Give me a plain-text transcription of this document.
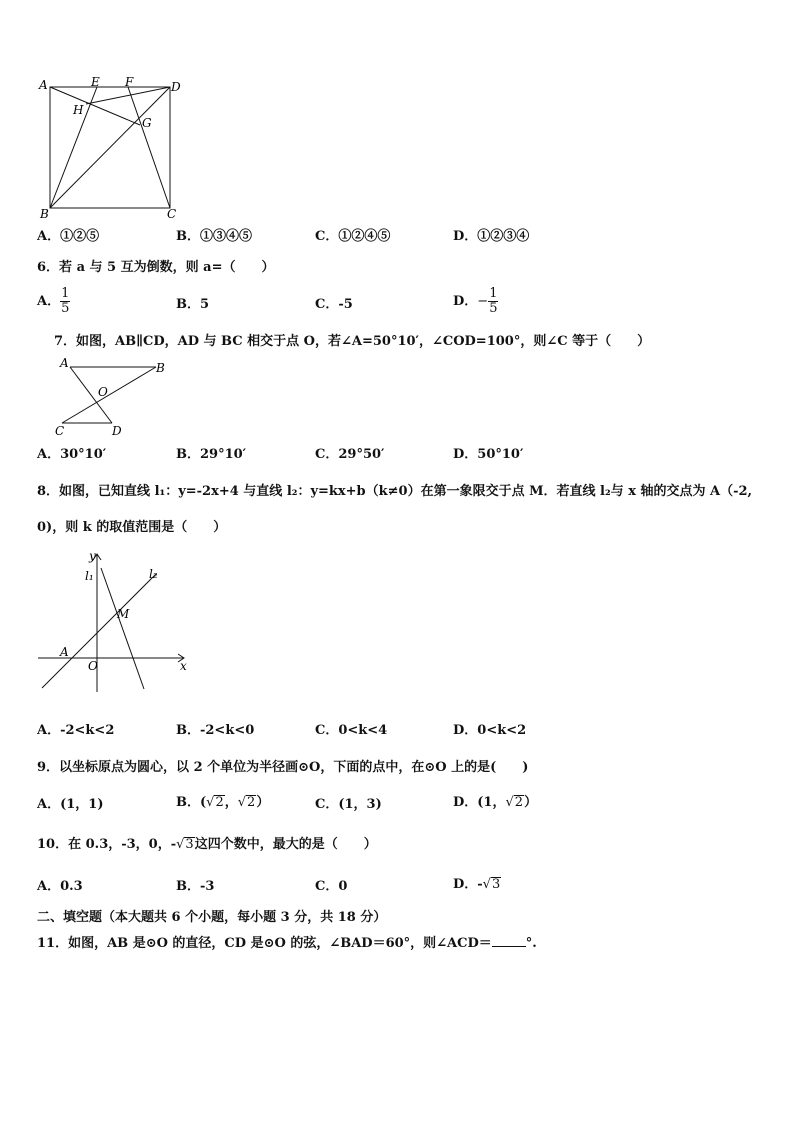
A	E F	D
H
G
B	C
A．①②⑤	B．①③④⑤	C．①②④⑤	D．①②③④
6．若 a 与 5 互为倒数，则 a=（　　）
A． $\frac{1}{5}$	B．5	C．-5	D．− $\frac{1}{5}$
7．如图，AB∥CD，AD 与 BC 相交于点 O，若∠A=50°10′，∠COD=100°，则∠C 等于（　　）
A	B
O
C	D
A．30°10′	B．29°10′	C．29°50′	D．50°10′
8．如图，已知直线 l₁：y=-2x+4 与直线 l₂：y=kx+b（k≠0）在第一象限交于点 M．若直线 l₂与 x 轴的交点为 A（-2,
0)，则 k 的取值范围是（　　）
y
x
l₁	l₂
M
A
O
A．-2<k<2	B．-2<k<0	C．0<k<4	D．0<k<2
9．以坐标原点为圆心，以 2 个单位为半径画⊙O，下面的点中，在⊙O 上的是(　　)
A．(1，1)	B．(√2，√2）	C．(1，3)	D．(1，√2）
10．在 0.3，-3，0，-√3这四个数中，最大的是（　　）
A．0.3	B．-3	C．0	D．-√3
二、填空题（本大题共 6 个小题，每小题 3 分，共 18 分）
11．如图，AB 是⊙O 的直径，CD 是⊙O 的弦，∠BAD＝60°，则∠ACD＝	°.
